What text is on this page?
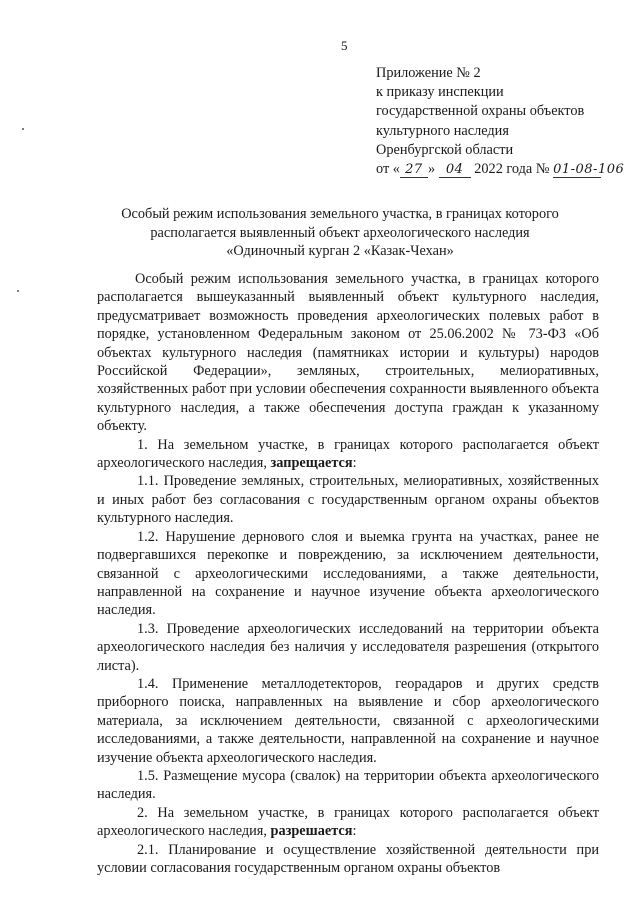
5
Приложение № 2
к приказу инспекции
государственной охраны объектов
культурного наследия
Оренбургской области
от « 27 » 04 2022 года № 01-08-106
Особый режим использования земельного участка, в границах которого
располагается выявленный объект археологического наследия
«Одиночный курган 2 «Казак-Чехан»

Особый режим использования земельного участка, в границах которого располагается вышеуказанный выявленный объект культурного наследия, предусматривает возможность проведения археологических полевых работ в порядке, установленном Федеральным законом от 25.06.2002 № 73-ФЗ «Об объектах культурного наследия (памятниках истории и культуры) народов Российской Федерации», земляных, строительных, мелиоративных, хозяйственных работ при условии обеспечения сохранности выявленного объекта культурного наследия, а также обеспечения доступа граждан к указанному объекту.

1. На земельном участке, в границах которого располагается объект археологического наследия, запрещается:

1.1. Проведение земляных, строительных, мелиоративных, хозяйственных и иных работ без согласования с государственным органом охраны объектов культурного наследия.

1.2. Нарушение дернового слоя и выемка грунта на участках, ранее не подвергавшихся перекопке и повреждению, за исключением деятельности, связанной с археологическими исследованиями, а также деятельности, направленной на сохранение и научное изучение объекта археологического наследия.

1.3. Проведение археологических исследований на территории объекта археологического наследия без наличия у исследователя разрешения (открытого листа).

1.4. Применение металлодетекторов, георадаров и других средств приборного поиска, направленных на выявление и сбор археологического материала, за исключением деятельности, связанной с археологическими исследованиями, а также деятельности, направленной на сохранение и научное изучение объекта археологического наследия.

1.5. Размещение мусора (свалок) на территории объекта археологического наследия.

2. На земельном участке, в границах которого располагается объект археологического наследия, разрешается:

2.1. Планирование и осуществление хозяйственной деятельности при условии согласования государственным органом охраны объектов
